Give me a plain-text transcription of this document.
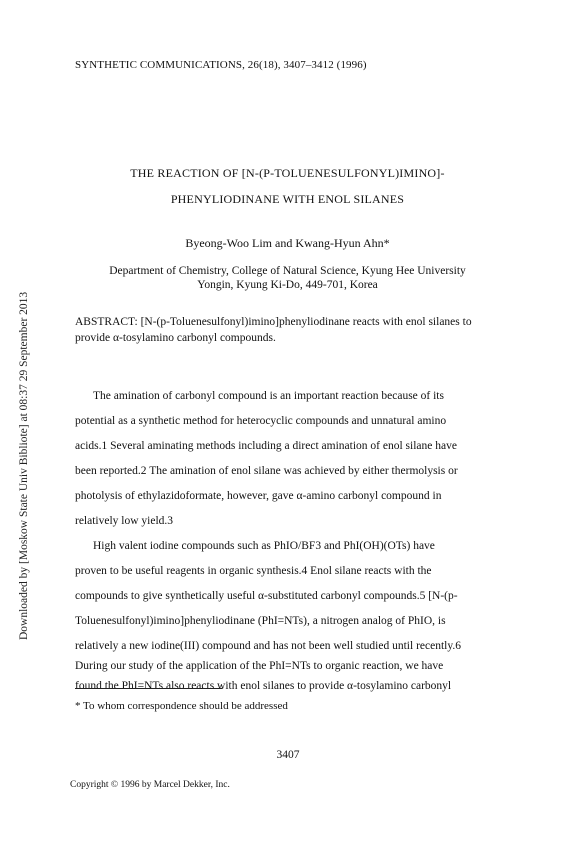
SYNTHETIC COMMUNICATIONS, 26(18), 3407–3412 (1996)
Downloaded by [Moskow State Univ Bibliote] at 08:37 29 September 2013
THE REACTION OF [N-(P-TOLUENESULFONYL)IMINO]-
PHENYLIODINANE WITH ENOL SILANES
Byeong-Woo Lim and Kwang-Hyun Ahn*
Department of Chemistry, College of Natural Science, Kyung Hee University
Yongin, Kyung Ki-Do, 449-701, Korea
ABSTRACT: [N-(p-Toluenesulfonyl)imino]phenyliodinane reacts with enol silanes to provide α-tosylamino carbonyl compounds.
The amination of carbonyl compound is an important reaction because of its
potential as a synthetic method for heterocyclic compounds and unnatural amino
acids.1 Several aminating methods including a direct amination of enol silane have
been reported.2 The amination of enol silane was achieved by either thermolysis or
photolysis of ethylazidoformate, however, gave α-amino carbonyl compound in
relatively low yield.3
High valent iodine compounds such as PhIO/BF3 and PhI(OH)(OTs) have
proven to be useful reagents in organic synthesis.4 Enol silane reacts with the
compounds to give synthetically useful α-substituted carbonyl compounds.5 [N-(p-
Toluenesulfonyl)imino]phenyliodinane (PhI=NTs), a nitrogen analog of PhIO, is
relatively a new iodine(III) compound and has not been well studied until recently.6
During our study of the application of the PhI=NTs to organic reaction, we have
found the PhI=NTs also reacts with enol silanes to provide α-tosylamino carbonyl
* To whom correspondence should be addressed
3407
Copyright © 1996 by Marcel Dekker, Inc.
